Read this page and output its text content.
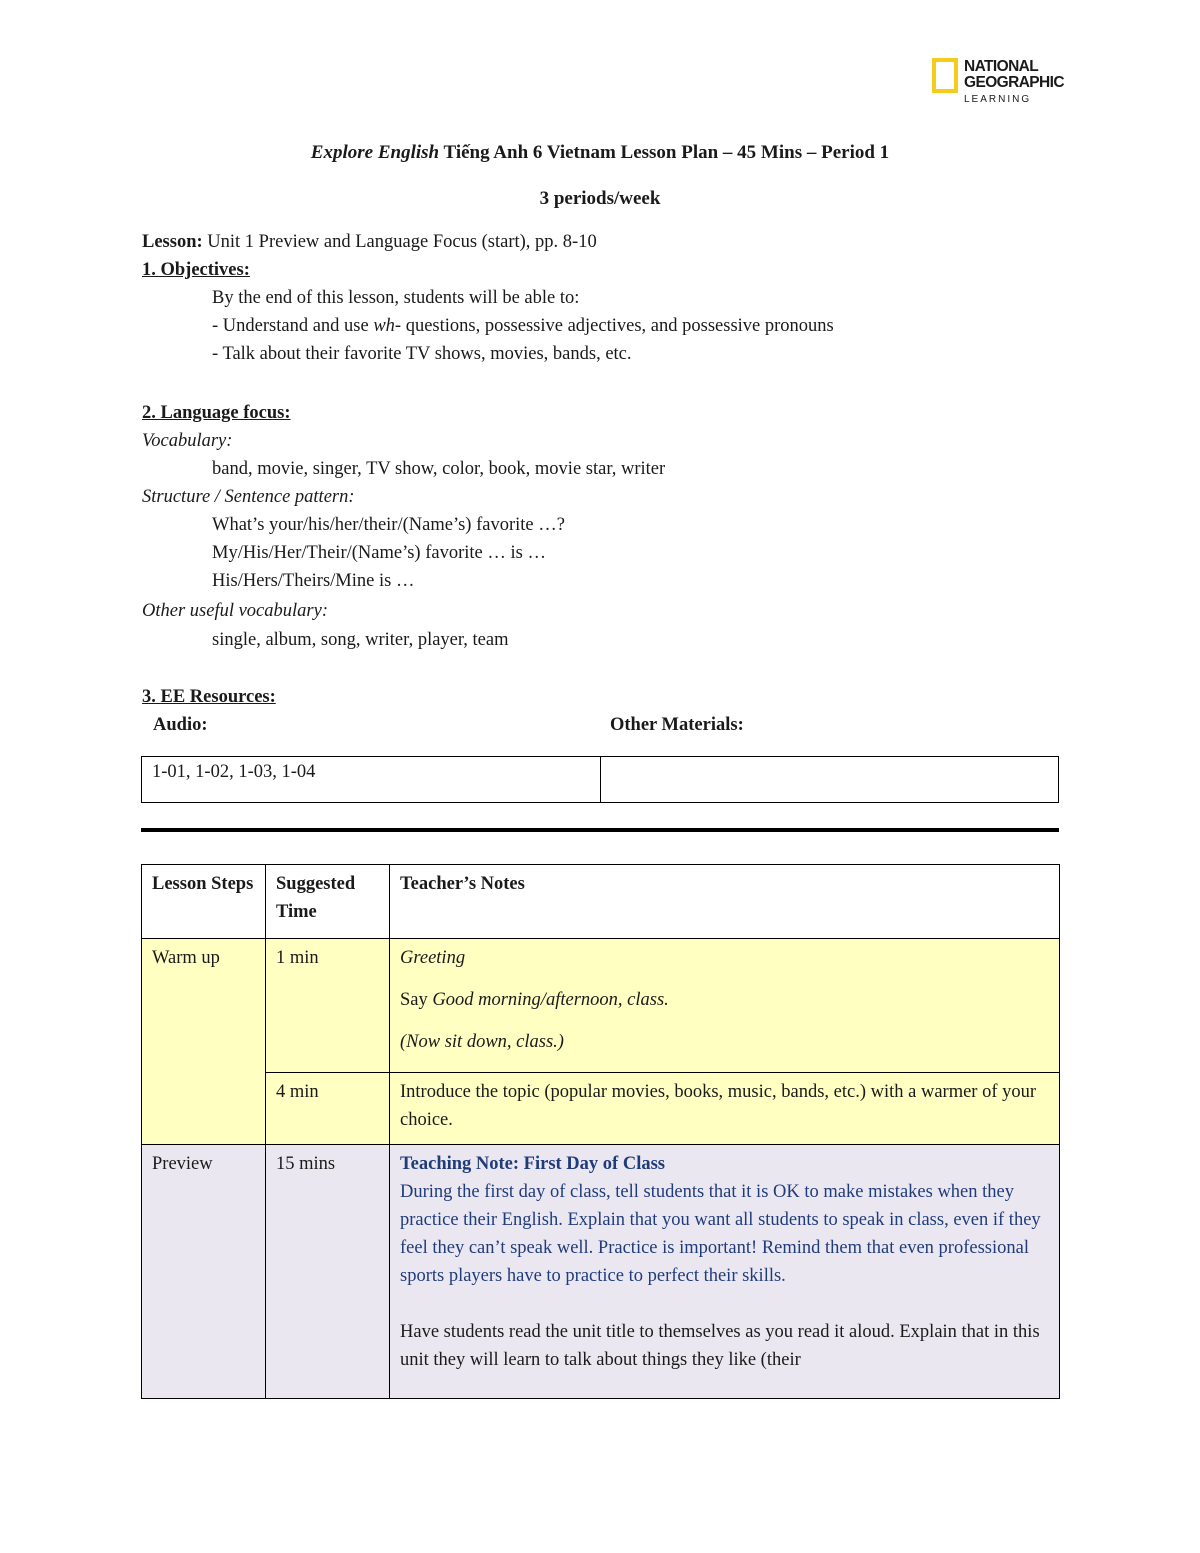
NATIONAL
GEOGRAPHIC
LEARNING
Explore English Tiếng Anh 6 Vietnam Lesson Plan – 45 Mins – Period 1
3 periods/week
Lesson: Unit 1 Preview and Language Focus (start), pp. 8-10
1. Objectives:
By the end of this lesson, students will be able to:
- Understand and use wh- questions, possessive adjectives, and possessive pronouns
- Talk about their favorite TV shows, movies, bands, etc.
2. Language focus:
Vocabulary:
band, movie, singer, TV show, color, book, movie star, writer
Structure / Sentence pattern:
What’s your/his/her/their/(Name’s) favorite …?
My/His/Her/Their/(Name’s) favorite … is …
His/Hers/Theirs/Mine is …
Other useful vocabulary:
single, album, song, writer, player, team
3. EE Resources:
Audio:	Other Materials:
1-01, 1-02, 1-03, 1-04
Lesson Steps	Suggested Time	Teacher’s Notes
Warm up	1 min	Greeting

Say Good morning/afternoon, class.

(Now sit down, class.)

	4 min	Introduce the topic (popular movies, books, music, bands, etc.) with a warmer of your choice.
Preview	15 mins	Teaching Note: First Day of Class

During the first day of class, tell students that it is OK to make mistakes when they practice their English. Explain that you want all students to speak in class, even if they feel they can’t speak well. Practice is important! Remind them that even professional sports players have to practice to perfect their skills.

Have students read the unit title to themselves as you read it aloud. Explain that in this unit they will learn to talk about things they like (their
